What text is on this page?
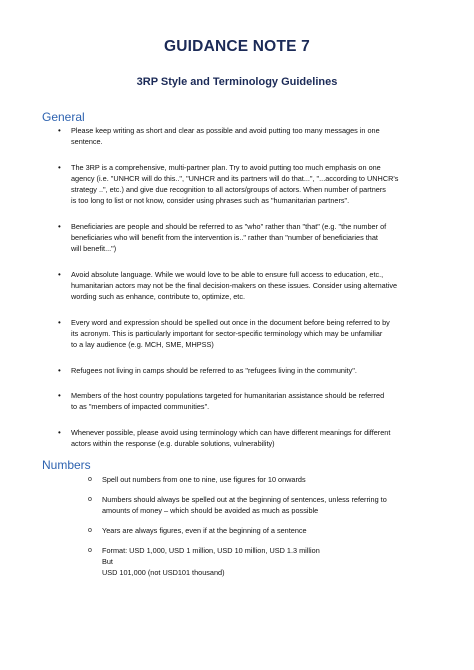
GUIDANCE NOTE 7
3RP Style and Terminology Guidelines
General
• Please keep writing as short and clear as possible and avoid putting too many messages in one
sentence.
• The 3RP is a comprehensive, multi-partner plan. Try to avoid putting too much emphasis on one
agency (i.e. "UNHCR will do this..", "UNHCR and its partners will do that...", "...according to UNHCR's
strategy ..", etc.) and give due recognition to all actors/groups of actors. When number of partners
is too long to list or not know, consider using phrases such as "humanitarian partners".
• Beneficiaries are people and should be referred to as "who" rather than "that" (e.g. "the number of
beneficiaries who will benefit from the intervention is.." rather than "number of beneficiaries that
will benefit...")
• Avoid absolute language. While we would love to be able to ensure full access to education, etc.,
humanitarian actors may not be the final decision-makers on these issues. Consider using alternative
wording such as enhance, contribute to, optimize, etc.
• Every word and expression should be spelled out once in the document before being referred to by
its acronym. This is particularly important for sector-specific terminology which may be unfamiliar
to a lay audience (e.g. MCH, SME, MHPSS)
• Refugees not living in camps should be referred to as "refugees living in the community".
• Members of the host country populations targeted for humanitarian assistance should be referred
to as "members of impacted communities".
• Whenever possible, please avoid using terminology which can have different meanings for different
actors within the response (e.g. durable solutions, vulnerability)
Numbers
o Spell out numbers from one to nine, use figures for 10 onwards
o Numbers should always be spelled out at the beginning of sentences, unless referring to
amounts of money – which should be avoided as much as possible
o Years are always figures, even if at the beginning of a sentence
o Format: USD 1,000, USD 1 million, USD 10 million, USD 1.3 million
But
USD 101,000 (not USD101 thousand)
